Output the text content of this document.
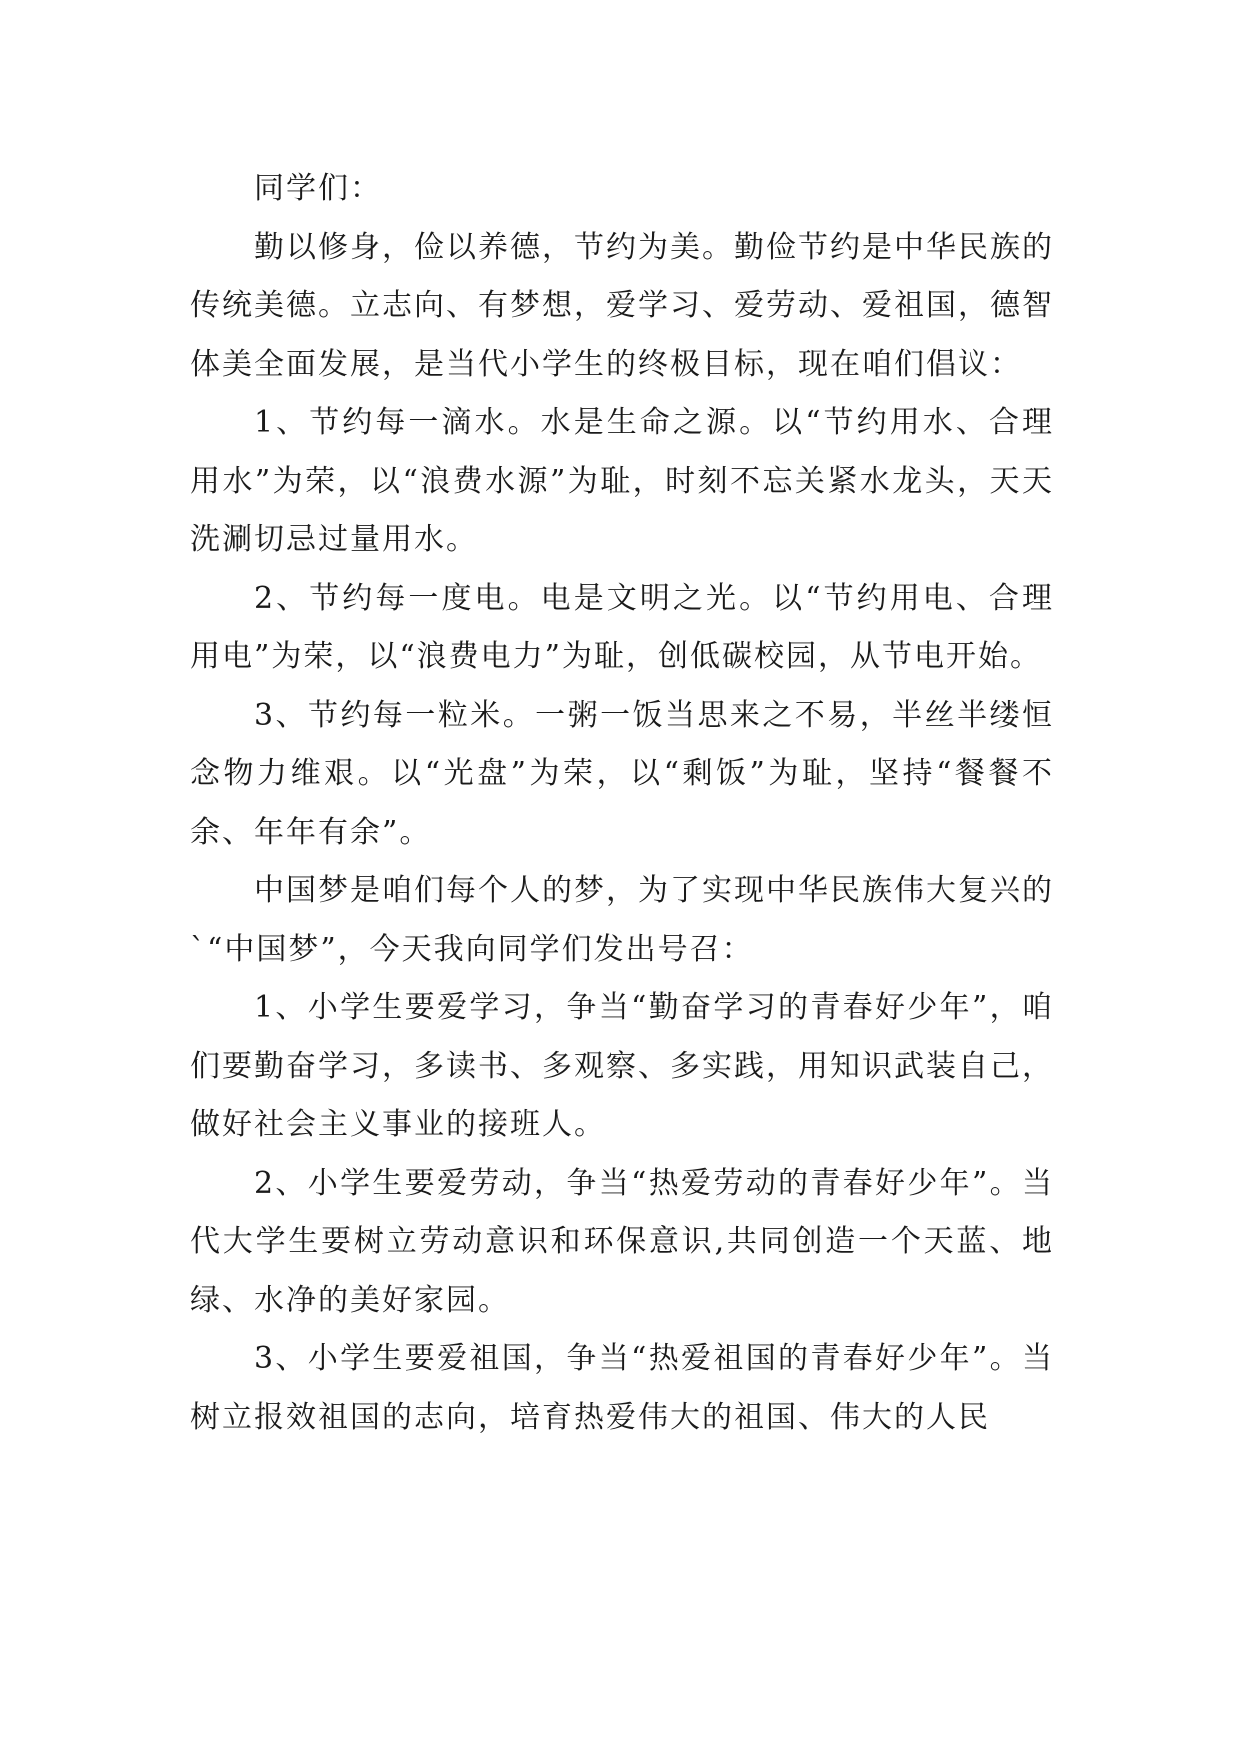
同学们：

勤以修身，俭以养德，节约为美。勤俭节约是中华民族的传统美德。立志向、有梦想，爱学习、爱劳动、爱祖国，德智体美全面发展，是当代小学生的终极目标，现在咱们倡议：

1、节约每一滴水。水是生命之源。以“节约用水、合理用水”为荣，以“浪费水源”为耻，时刻不忘关紧水龙头，天天洗涮切忌过量用水。

2、节约每一度电。电是文明之光。以“节约用电、合理用电”为荣，以“浪费电力”为耻，创低碳校园，从节电开始。

3、节约每一粒米。一粥一饭当思来之不易，半丝半缕恒念物力维艰。以“光盘”为荣，以“剩饭”为耻，坚持“餐餐不余、年年有余”。

中国梦是咱们每个人的梦，为了实现中华民族伟大复兴的`“中国梦”，今天我向同学们发出号召：

1、小学生要爱学习，争当“勤奋学习的青春好少年”，咱们要勤奋学习，多读书、多观察、多实践，用知识武装自己，做好社会主义事业的接班人。

2、小学生要爱劳动，争当“热爱劳动的青春好少年”。当代大学生要树立劳动意识和环保意识,共同创造一个天蓝、地绿、水净的美好家园。

3、小学生要爱祖国，争当“热爱祖国的青春好少年”。当树立报效祖国的志向，培育热爱伟大的祖国、伟大的人民
